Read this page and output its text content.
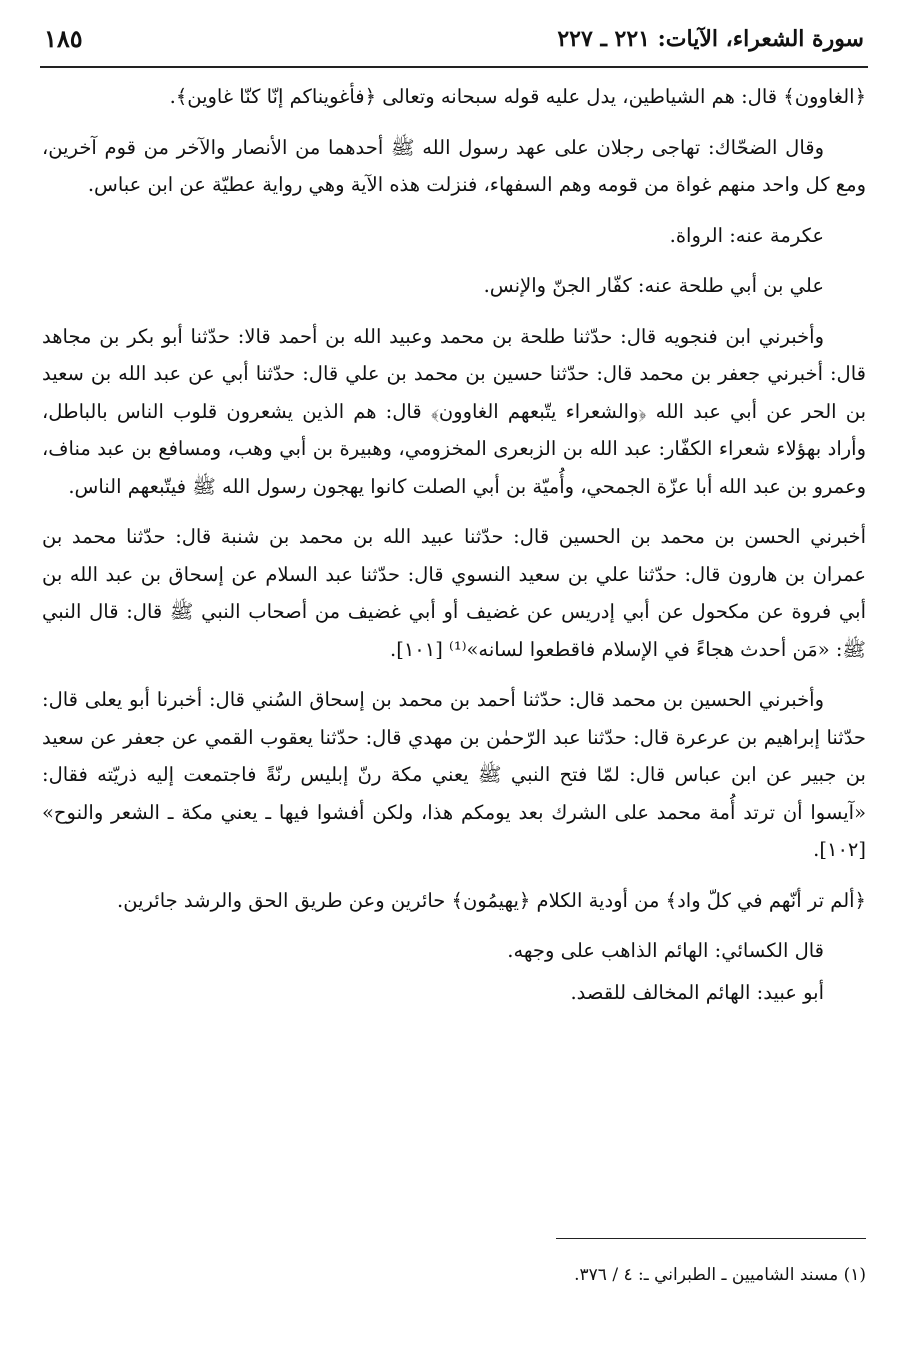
سورة الشعراء، الآيات: ٢٢١ ـ ٢٢٧
١٨٥

﴿الغاوون﴾ قال: هم الشياطين، يدل عليه قوله سبحانه وتعالى ﴿فأغويناكم إنّا كنّا غاوين﴾.

وقال الضحّاك: تهاجى رجلان على عهد رسول الله ﷺ أحدهما من الأنصار والآخر من قوم آخرين، ومع كل واحد منهم غواة من قومه وهم السفهاء، فنزلت هذه الآية وهي رواية عطيّة عن ابن عباس.

عكرمة عنه: الرواة.

علي بن أبي طلحة عنه: كفّار الجنّ والإنس.

وأخبرني ابن فنجويه قال: حدّثنا طلحة بن محمد وعبيد الله بن أحمد قالا: حدّثنا أبو بكر بن مجاهد قال: أخبرني جعفر بن محمد قال: حدّثنا حسين بن محمد بن علي قال: حدّثنا أبي عن عبد الله بن سعيد بن الحر عن أبي عبد الله ﴿والشعراء يتّبعهم الغاوون﴾ قال: هم الذين يشعرون قلوب الناس بالباطل، وأراد بهؤلاء شعراء الكفّار: عبد الله بن الزبعرى المخزومي، وهبيرة بن أبي وهب، ومسافع بن عبد مناف، وعمرو بن عبد الله أبا عزّة الجمحي، وأُميّة بن أبي الصلت كانوا يهجون رسول الله ﷺ فيتّبعهم الناس.

أخبرني الحسن بن محمد بن الحسين قال: حدّثنا عبيد الله بن محمد بن شنبة قال: حدّثنا محمد بن عمران بن هارون قال: حدّثنا علي بن سعيد النسوي قال: حدّثنا عبد السلام عن إسحاق بن عبد الله بن أبي فروة عن مكحول عن أبي إدريس عن غضيف أو أبي غضيف من أصحاب النبي ﷺ قال: قال النبي ﷺ: «مَن أحدث هجاءً في الإسلام فاقطعوا لسانه»⁽¹⁾ [١٠١].

وأخبرني الحسين بن محمد قال: حدّثنا أحمد بن محمد بن إسحاق السُني قال: أخبرنا أبو يعلى قال: حدّثنا إبراهيم بن عرعرة قال: حدّثنا عبد الرّحمٰن بن مهدي قال: حدّثنا يعقوب القمي عن جعفر عن سعيد بن جبير عن ابن عباس قال: لمّا فتح النبي ﷺ يعني مكة رنّ إبليس رنّةً فاجتمعت إليه ذريّته فقال: «آيسوا أن ترتد أُمة محمد على الشرك بعد يومكم هذا، ولكن أفشوا فيها ـ يعني مكة ـ الشعر والنوح» [١٠٢].

﴿ألم تر أنّهم في كلّ واد﴾ من أودية الكلام ﴿يهيمُون﴾ حائرين وعن طريق الحق والرشد جائرين.

قال الكسائي: الهائم الذاهب على وجهه.

أبو عبيد: الهائم المخالف للقصد.

(١) مسند الشاميين ـ الطبراني ـ: ٤ / ٣٧٦.
